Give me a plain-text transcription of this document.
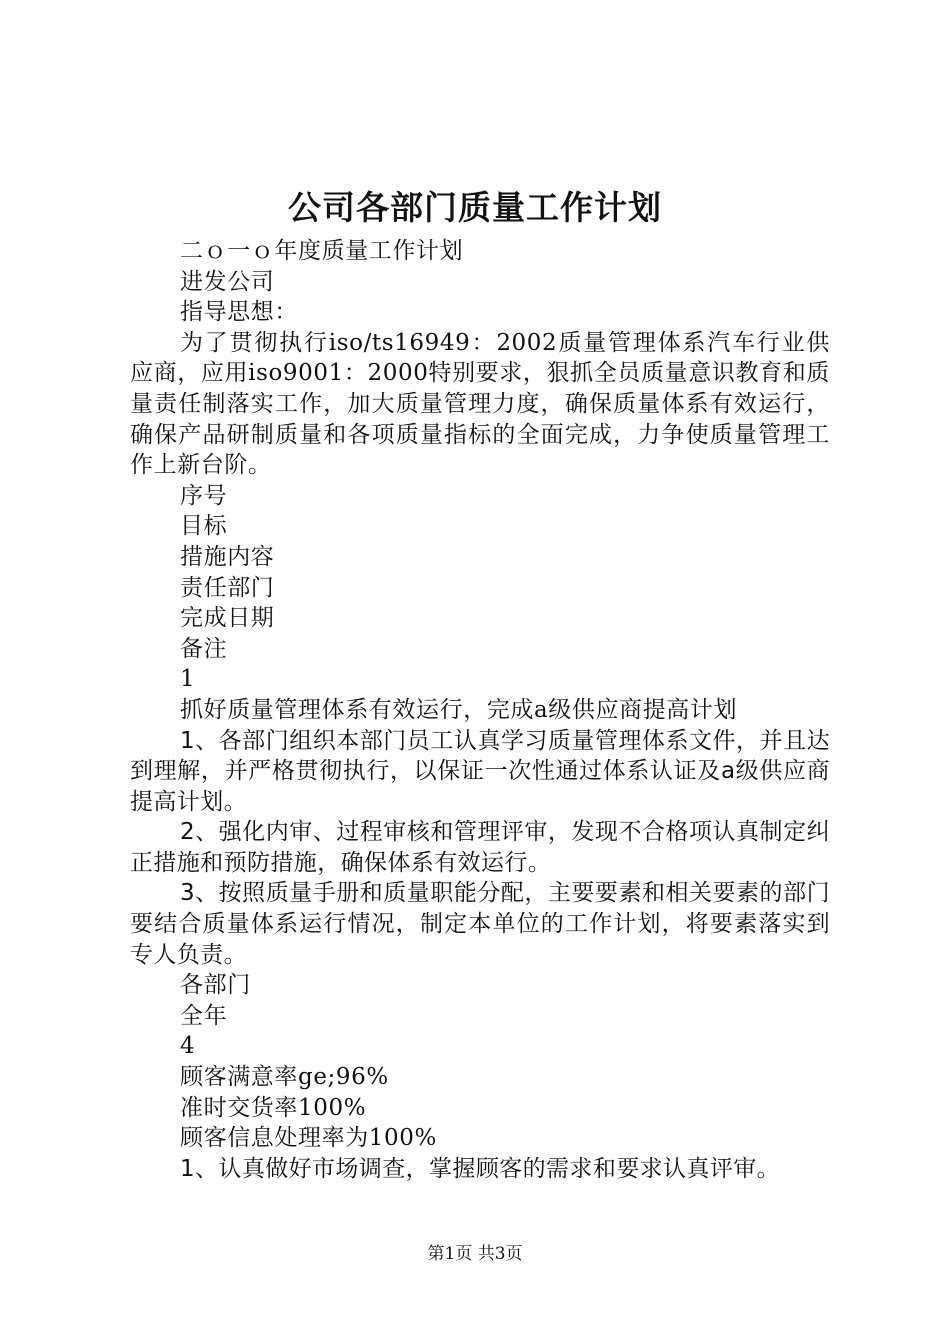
公司各部门质量工作计划

二ｏ一ｏ年度质量工作计划

进发公司

指导思想：

为了贯彻执行iso/ts16949：2002质量管理体系汽车行业供应商，应用iso9001：2000特别要求，狠抓全员质量意识教育和质量责任制落实工作，加大质量管理力度，确保质量体系有效运行，确保产品研制质量和各项质量指标的全面完成，力争使质量管理工作上新台阶。

序号

目标

措施内容

责任部门

完成日期

备注

1

抓好质量管理体系有效运行，完成a级供应商提高计划

1、各部门组织本部门员工认真学习质量管理体系文件，并且达到理解，并严格贯彻执行，以保证一次性通过体系认证及a级供应商提高计划。

2、强化内审、过程审核和管理评审，发现不合格项认真制定纠正措施和预防措施，确保体系有效运行。

3、按照质量手册和质量职能分配，主要要素和相关要素的部门要结合质量体系运行情况，制定本单位的工作计划，将要素落实到专人负责。

各部门

全年

4

顾客满意率ge;96%

准时交货率100%

顾客信息处理率为100%

1、认真做好市场调查，掌握顾客的需求和要求认真评审。

第1页 共3页
